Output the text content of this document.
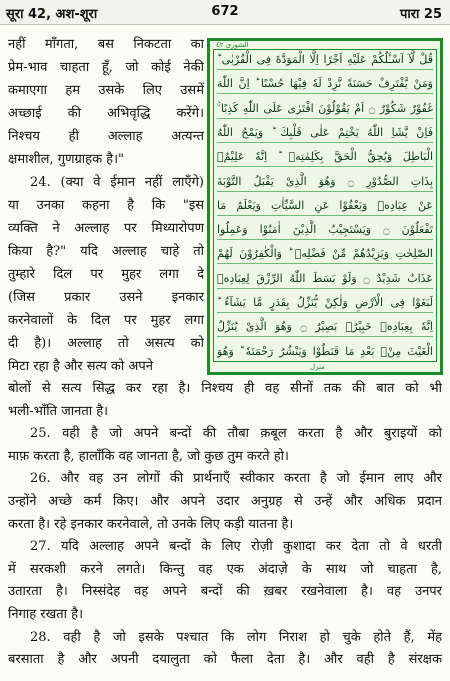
सूरा 42, अश-शूरा	672	पारा 25
الشورى ٤٢
قُلْ لَّآ اَسْـَٔلُكُمْ عَلَيْهِ اَجْرًا اِلَّا الْمَوَدَّةَ فِى الْقُرْبٰى ؕ
وَمَنْ يَّقْتَرِفْ حَسَنَةً نَّزِدْ لَهٗ فِيْهَا حُسْنًا ؕ اِنَّ اللّٰهَ
غَفُوْرٌ شَكُوْرٌ ۝ اَمْ يَقُوْلُوْنَ افْتَرٰى عَلَى اللّٰهِ كَذِبًا ۚ
فَاِنْ يَّشَاِ اللّٰهُ يَخْتِمْ عَلٰى قَلْبِكَ ؕ وَيَمْحُ اللّٰهُ
الْبَاطِلَ وَيُحِقُّ الْحَقَّ بِكَلِمٰتِهٖ ؕ اِنَّهٗ عَلِيْمٌۢ
بِذَاتِ الصُّدُوْرِ ۝ وَهُوَ الَّذِىْ يَقْبَلُ التَّوْبَةَ
عَنْ عِبَادِهٖ وَيَعْفُوْا عَنِ السَّيِّاٰتِ وَيَعْلَمُ مَا
تَفْعَلُوْنَ ۝ وَيَسْتَجِيْبُ الَّذِيْنَ اٰمَنُوْا وَعَمِلُوا
الصّٰلِحٰتِ وَيَزِيْدُهُمْ مِّنْ فَضْلِهٖ ؕ وَالْكٰفِرُوْنَ لَهُمْ
عَذَابٌ شَدِيْدٌ ۝ وَلَوْ بَسَطَ اللّٰهُ الرِّزْقَ لِعِبَادِهٖ
لَبَغَوْا فِى الْاَرْضِ وَلٰكِنْ يُّنَزِّلُ بِقَدَرٍ مَّا يَشَآءُ ؕ
اِنَّهٗ بِعِبَادِهٖ خَبِيْرٌۢ بَصِيْرٌ ۝ وَهُوَ الَّذِىْ يُنَزِّلُ
الْغَيْثَ مِنْۢ بَعْدِ مَا قَنَطُوْا وَيَنْشُرُ رَحْمَتَهٗ ؕ وَهُوَ
منزل
नहीं माँगता, बस निकटता का
प्रेम-भाव चाहता हूँ, जो कोई नेकी
कमाएगा हम उसके लिए उसमें
अच्छाई की अभिवृद्धि करेंगे।
निश्चय ही अल्लाह अत्यन्त
क्षमाशील, गुणग्राहक है।"
24. (क्या वे ईमान नहीं लाएँगे)
या उनका कहना है कि "इस
व्यक्ति ने अल्लाह पर मिथ्यारोपण
किया है?" यदि अल्लाह चाहे तो
तुम्हारे दिल पर मुहर लगा दे
(जिस प्रकार उसने इनकार
करनेवालों के दिल पर मुहर लगा
दी है)। अल्लाह तो असत्य को
मिटा रहा है और सत्य को अपने
बोलों से सत्य सिद्ध कर रहा है। निश्चय ही वह सीनों तक की बात को भी
भली-भाँति जानता है।
25. वही है जो अपने बन्दों की तौबा क़बूल करता है और बुराइयों को
माफ़ करता है, हालाँकि वह जानता है, जो कुछ तुम करते हो।
26. और वह उन लोगों की प्रार्थनाएँ स्वीकार करता है जो ईमान लाए और
उन्होंने अच्छे कर्म किए। और अपने उदार अनुग्रह से उन्हें और अधिक प्रदान
करता है। रहे इनकार करनेवाले, तो उनके लिए कड़ी यातना है।
27. यदि अल्लाह अपने बन्दों के लिए रोज़ी कुशादा कर देता तो वे धरती
में सरकशी करने लगते। किन्तु वह एक अंदाज़े के साथ जो चाहता है,
उतारता है। निस्संदेह वह अपने बन्दों की ख़बर रखनेवाला है। वह उनपर
निगाह रखता है।
28. वही है जो इसके पश्चात कि लोग निराश हो चुके होते हैं, मेंह
बरसाता है और अपनी दयालुता को फैला देता है। और वही है संरक्षक
